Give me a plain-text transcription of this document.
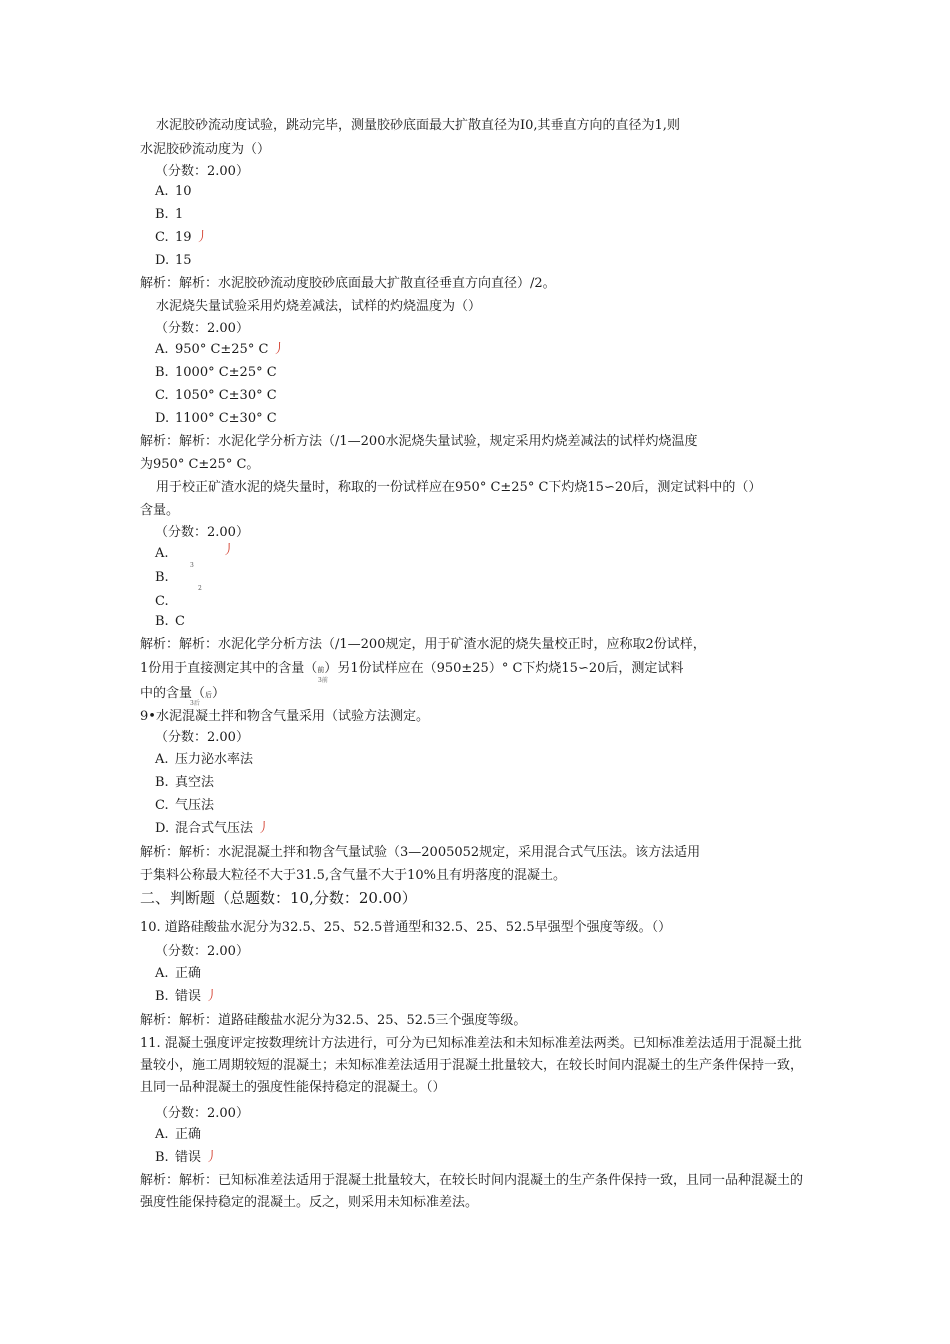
水泥胶砂流动度试验，跳动完毕，测量胶砂底面最大扩散直径为I0,其垂直方向的直径为1,则
水泥胶砂流动度为（）
（分数：2.00）
A. 10
B. 1
C. 19 丿
D. 15
解析：解析：水泥胶砂流动度胶砂底面最大扩散直径垂直方向直径）/2。
水泥烧失量试验采用灼烧差减法，试样的灼烧温度为（）
（分数：2.00）
A. 950° C±25° C 丿
B. 1000° C±25° C
C. 1050° C±30° C
D. 1100° C±30° C
解析：解析：水泥化学分析方法（/1—200水泥烧失量试验，规定采用灼烧差减法的试样灼烧温度
为950° C±25° C。
用于校正矿渣水泥的烧失量时，称取的一份试样应在950° C±25° C下灼烧15∽20后，测定试料中的（）
含量。
（分数：2.00）
A.	丿
3
B.
2
C.
B. C
解析：解析：水泥化学分析方法（/1—200规定，用于矿渣水泥的烧失量校正时，应称取2份试样，
1份用于直接测定其中的含量（前）另1份试样应在（950±25）° C下灼烧15∽20后，测定试料
3前
中的含量（后）
3后
9•水泥混凝土拌和物含气量采用（试验方法测定。
（分数：2.00）
A. 压力泌水率法
B. 真空法
C. 气压法
D. 混合式气压法 丿
解析：解析：水泥混凝土拌和物含气量试验（3—2005052规定，采用混合式气压法。该方法适用
于集料公称最大粒径不大于31.5,含气量不大于10%且有坍落度的混凝土。
二、判断题（总题数：10,分数：20.00）
10. 道路硅酸盐水泥分为32.5、25、52.5普通型和32.5、25、52.5早强型个强度等级。（）
（分数：2.00）
A. 正确
B. 错误 丿
解析：解析：道路硅酸盐水泥分为32.5、25、52.5三个强度等级。
11. 混凝土强度评定按数理统计方法进行，可分为已知标准差法和未知标准差法两类。已知标准差法适用于混凝土批量较小，施工周期较短的混凝土；未知标准差法适用于混凝土批量较大，在较长时间内混凝土的生产条件保持一致，且同一品种混凝土的强度性能保持稳定的混凝土。（）
（分数：2.00）
A. 正确
B. 错误 丿
解析：解析：已知标准差法适用于混凝土批量较大，在较长时间内混凝土的生产条件保持一致，且同一品种混凝土的强度性能保持稳定的混凝土。反之，则采用未知标准差法。
